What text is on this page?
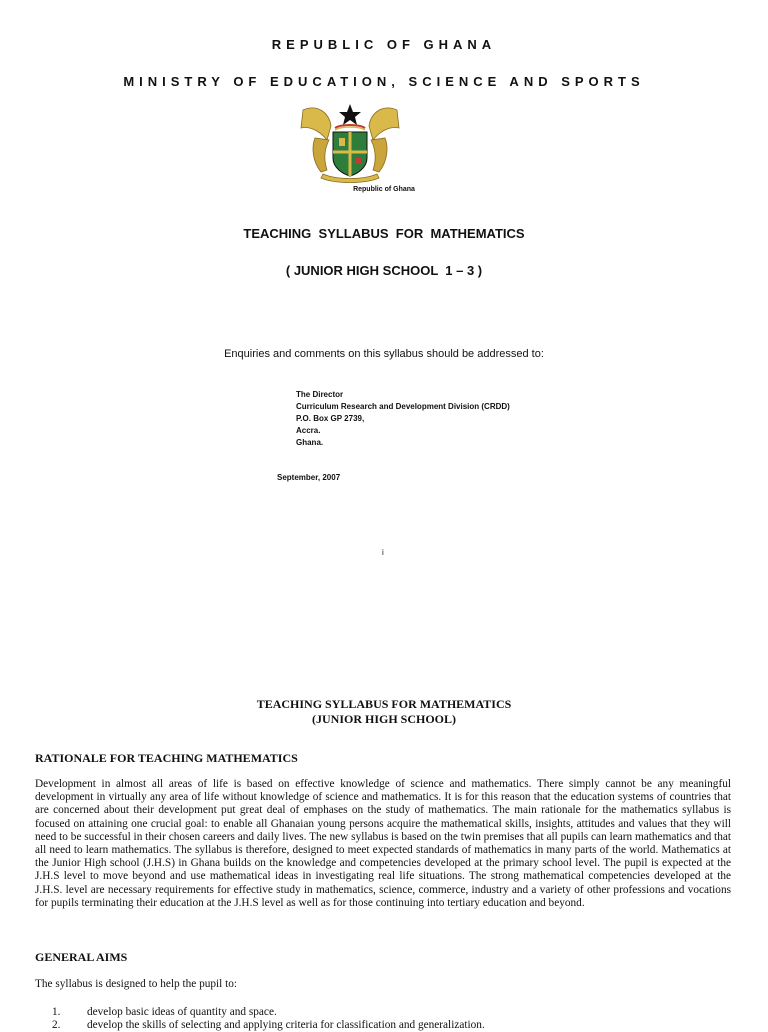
REPUBLIC OF GHANA
MINISTRY OF EDUCATION, SCIENCE AND SPORTS
Republic of Ghana
TEACHING  SYLLABUS  FOR  MATHEMATICS
( JUNIOR HIGH SCHOOL  1 – 3 )
Enquiries and comments on this syllabus should be addressed to:
The Director
Curriculum Research and Development Division (CRDD)
P.O. Box GP 2739,
Accra.
Ghana.
September, 2007
i
TEACHING SYLLABUS FOR MATHEMATICS
(JUNIOR HIGH SCHOOL)
RATIONALE FOR TEACHING MATHEMATICS
Development in almost all areas of life is based on effective knowledge of science and mathematics. There simply cannot be any meaningful development in virtually any area of life without knowledge of science and mathematics. It is for this reason that the education systems of countries that are concerned about their development put great deal of emphases on the study of mathematics. The main rationale for the mathematics syllabus is focused on attaining one crucial goal: to enable all Ghanaian young persons acquire the mathematical skills, insights, attitudes and values that they will need to be successful in their chosen careers and daily lives. The new syllabus is based on the twin premises that all pupils can learn mathematics and that all need to learn mathematics. The syllabus is therefore, designed to meet expected standards of mathematics in many parts of the world. Mathematics at the Junior High school (J.H.S) in Ghana builds on the knowledge and competencies developed at the primary school level. The pupil is expected at the J.H.S level to move beyond and use mathematical ideas in investigating real life situations. The strong mathematical competencies developed at the J.H.S. level are necessary requirements for effective study in mathematics, science, commerce, industry and a variety of other professions and vocations for pupils terminating their education at the J.H.S level as well as for those continuing into tertiary education and beyond.
GENERAL AIMS
The syllabus is designed to help the pupil to:
1.	develop basic ideas of quantity and space.
2.	develop the skills of selecting and applying criteria for classification and generalization.
